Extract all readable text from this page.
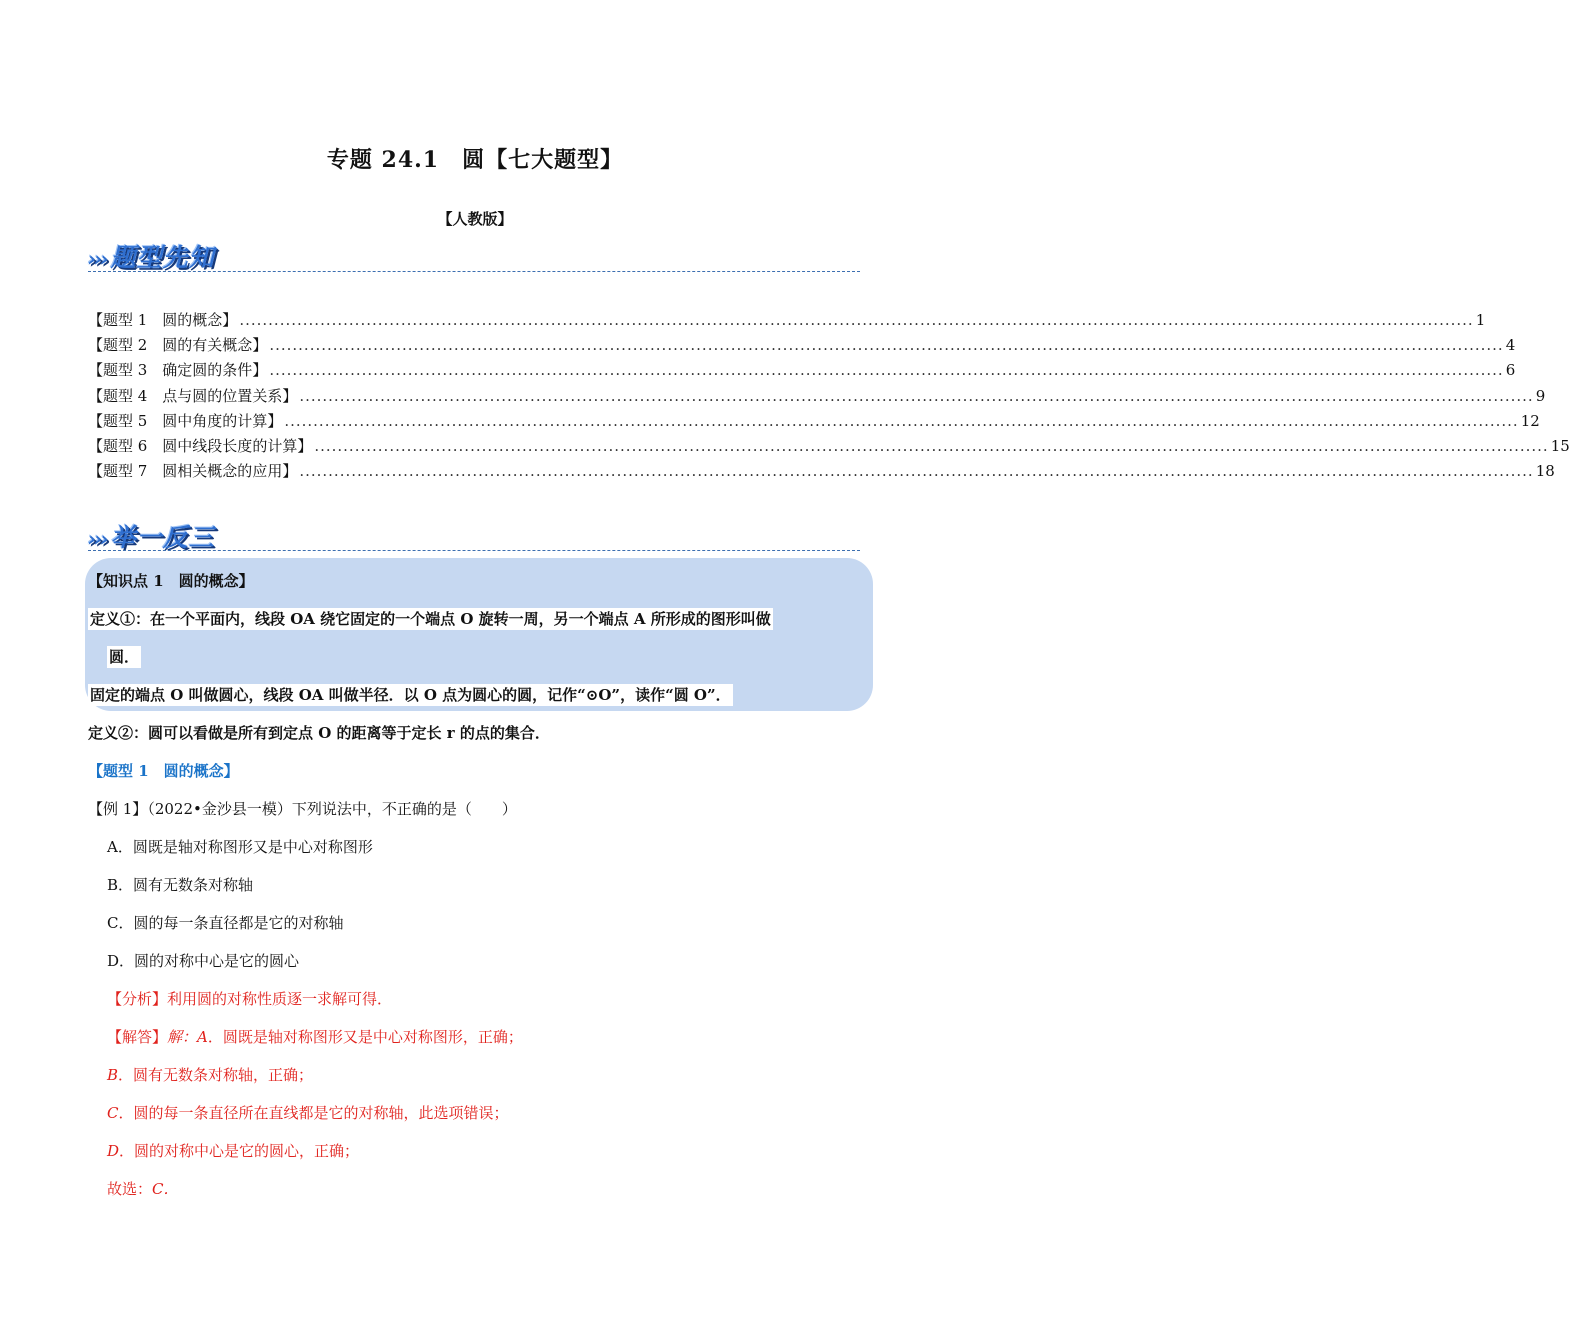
专题 24.1　圆【七大题型】
【人教版】
››› 题型先知
【题型 1　圆的概念】 ...................................................................................................................................................................................................................... 1
【题型 2　圆的有关概念】 ...................................................................................................................................................................................................................... 4
【题型 3　确定圆的条件】 ...................................................................................................................................................................................................................... 6
【题型 4　点与圆的位置关系】 ...................................................................................................................................................................................................................... 9
【题型 5　圆中角度的计算】 ...................................................................................................................................................................................................................... 12
【题型 6　圆中线段长度的计算】 ...................................................................................................................................................................................................................... 15
【题型 7　圆相关概念的应用】 ...................................................................................................................................................................................................................... 18
››› 举一反三
【知识点 1　圆的概念】
定义①：在一个平面内，线段 OA 绕它固定的一个端点 O 旋转一周，另一个端点 A 所形成的图形叫做
圆．
固定的端点 O 叫做圆心，线段 OA 叫做半径．以 O 点为圆心的圆，记作“⊙O”，读作“圆 O”．
定义②：圆可以看做是所有到定点 O 的距离等于定长 r 的点的集合．
【题型 1　圆的概念】
【例 1】（2022•金沙县一模）下列说法中，不正确的是（　　）
A．圆既是轴对称图形又是中心对称图形
B．圆有无数条对称轴
C．圆的每一条直径都是它的对称轴
D．圆的对称中心是它的圆心
【分析】利用圆的对称性质逐一求解可得．
【解答】解：A．圆既是轴对称图形又是中心对称图形，正确；
B．圆有无数条对称轴，正确；
C．圆的每一条直径所在直线都是它的对称轴，此选项错误；
D．圆的对称中心是它的圆心，正确；
故选：C．
